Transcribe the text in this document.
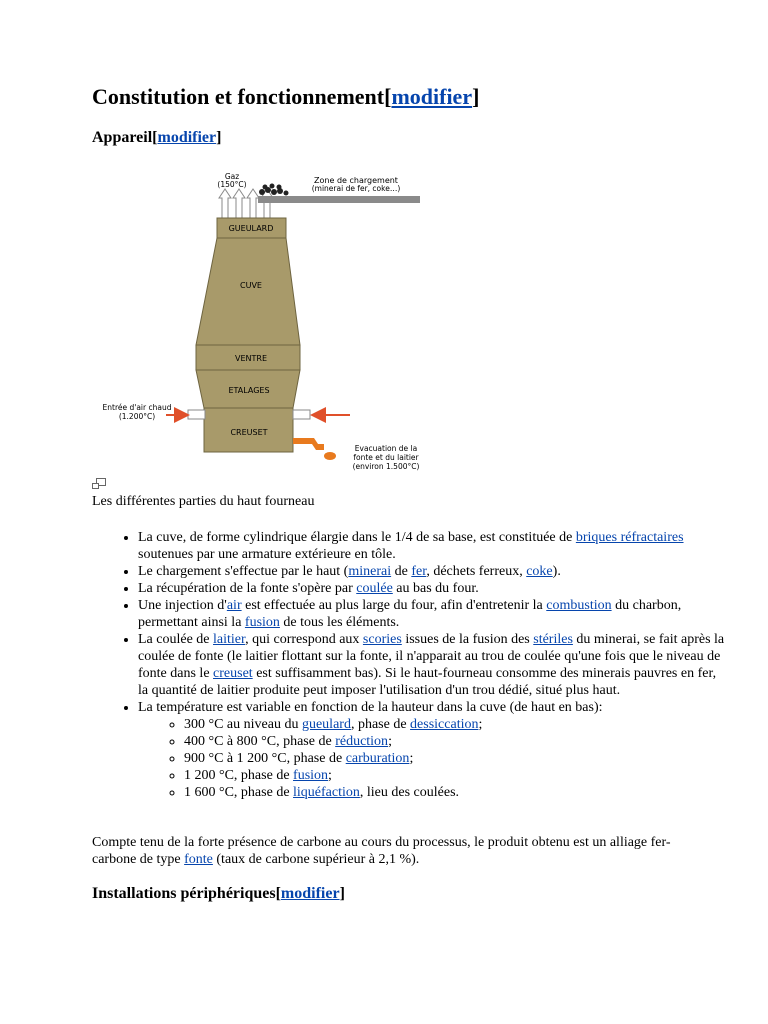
Constitution et fonctionnement[modifier]
Appareil[modifier]
Gaz
(150°C)	Zone de chargement
(minerai de fer, coke…)
GUEULARD
CUVE
VENTRE
ETALAGES
CREUSET
Entrée d'air chaud
(1.200°C)
Evacuation de la
fonte et du laitier
(environ 1.500°C)
Les différentes parties du haut fourneau
• La cuve, de forme cylindrique élargie dans le 1/4 de sa base, est constituée de briques réfractaires soutenues par une armature extérieure en tôle.
• Le chargement s'effectue par le haut (minerai de fer, déchets ferreux, coke).
• La récupération de la fonte s'opère par coulée au bas du four.
• Une injection d'air est effectuée au plus large du four, afin d'entretenir la combustion du charbon, permettant ainsi la fusion de tous les éléments.
• La coulée de laitier, qui correspond aux scories issues de la fusion des stériles du minerai, se fait après la coulée de fonte (le laitier flottant sur la fonte, il n'apparait au trou de coulée qu'une fois que le niveau de fonte dans le creuset est suffisamment bas). Si le haut-fourneau consomme des minerais pauvres en fer, la quantité de laitier produite peut imposer l'utilisation d'un trou dédié, situé plus haut.
• La température est variable en fonction de la hauteur dans la cuve (de haut en bas):
◦ 300 °C au niveau du gueulard, phase de dessiccation;
◦ 400 °C à 800 °C, phase de réduction;
◦ 900 °C à 1 200 °C, phase de carburation;
◦ 1 200 °C, phase de fusion;
◦ 1 600 °C, phase de liquéfaction, lieu des coulées.

Compte tenu de la forte présence de carbone au cours du processus, le produit obtenu est un alliage fer-carbone de type fonte (taux de carbone supérieur à 2,1 %).

Installations périphériques[modifier]
